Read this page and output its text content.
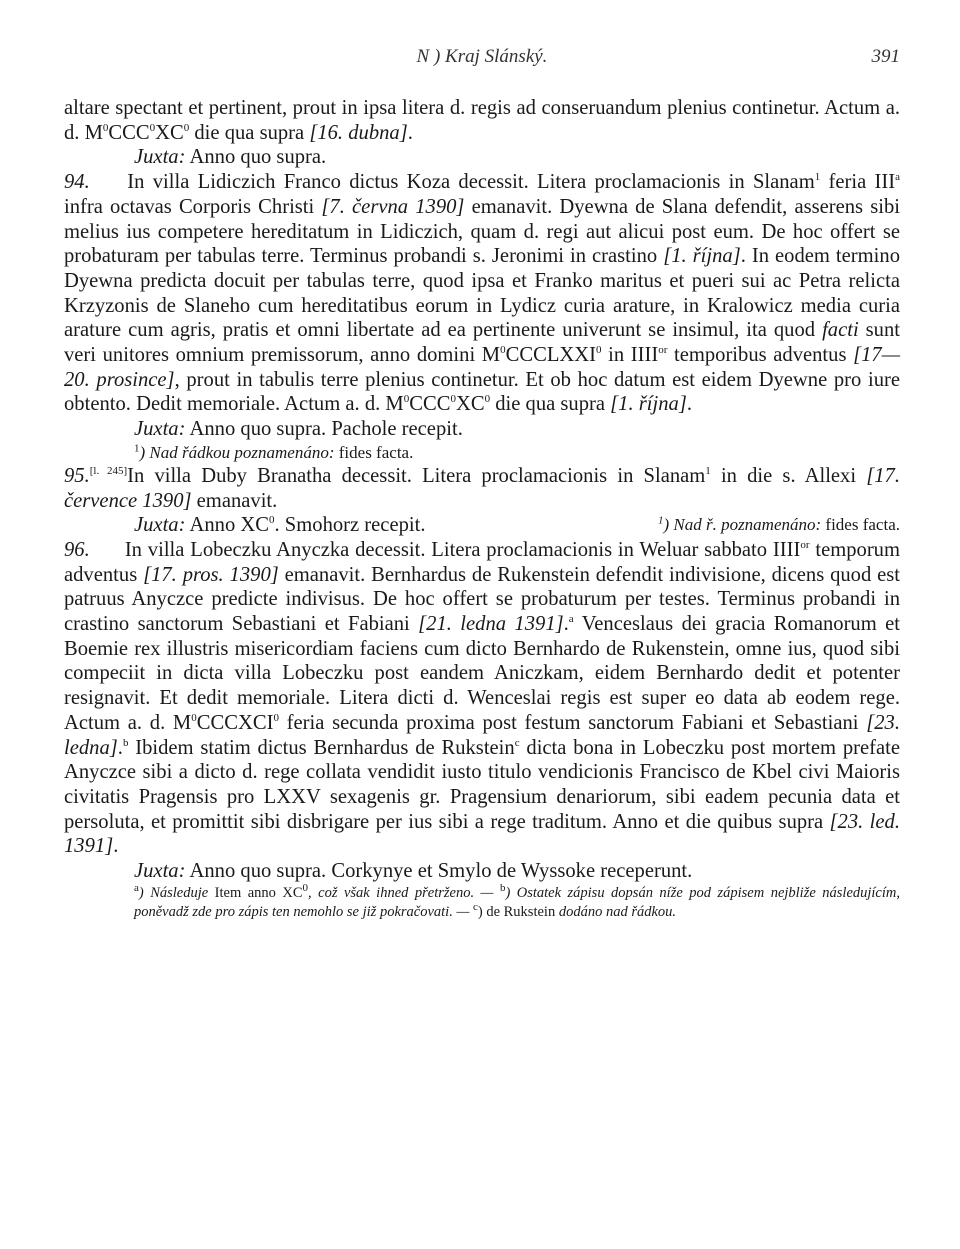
N ) Kraj Slánský.	391

altare spectant et pertinent, prout in ipsa litera d. regis ad conseruandum plenius continetur. Actum a. d. $M^0CCC^0XC^0$ die qua supra [16. dubna].

Juxta: Anno quo supra.

94. In villa Lidiczich Franco dictus Koza decessit. Litera proclamacionis in Slanam$^1$ feria III$^a$ infra octavas Corporis Christi [7. června 1390] emanavit. Dyewna de Slana defendit, asserens sibi melius ius competere hereditatum in Lidiczich, quam d. regi aut alicui post eum. De hoc offert se probaturam per tabulas terre. Terminus probandi s. Jeronimi in crastino [1. října]. In eodem termino Dyewna predicta docuit per tabulas terre, quod ipsa et Franko maritus et pueri sui ac Petra relicta Krzyzonis de Slaneho cum hereditatibus eorum in Lydicz curia arature, in Kralowicz media curia arature cum agris, pratis et omni libertate ad ea pertinente univerunt se insimul, ita quod facti sunt veri unitores omnium premissorum, anno domini $M^0CCCLXXI^0$ in $IIII^{or}$ temporibus adventus [17—20. prosince], prout in tabulis terre plenius continetur. Et ob hoc datum est eidem Dyewne pro iure obtento. Dedit memoriale. Actum a. d. $M^0CCC^0XC^0$ die qua supra [1. října].

Juxta: Anno quo supra. Pachole recepit.

$^1$) Nad řádkou poznamenáno: fides facta.

95.[l. 245]In villa Duby Branatha decessit. Litera proclamacionis in Slanam$^1$ in die s. Allexi [17. července 1390] emanavit.

Juxta: Anno $XC^0$. Smohorz recepit.	$^1$) Nad ř. poznamenáno: fides facta.

96. In villa Lobeczku Anyczka decessit. Litera proclamacionis in Weluar sabbato $IIII^{or}$ temporum adventus [17. pros. 1390] emanavit. Bernhardus de Rukenstein defendit indivisione, dicens quod est patruus Anyczce predicte indivisus. De hoc offert se probaturum per testes. Terminus probandi in crastino sanctorum Sebastiani et Fabiani [21. ledna 1391].$^a$ Venceslaus dei gracia Romanorum et Boemie rex illustris misericordiam faciens cum dicto Bernhardo de Rukenstein, omne ius, quod sibi compeciit in dicta villa Lobeczku post eandem Aniczkam, eidem Bernhardo dedit et potenter resignavit. Et dedit memoriale. Litera dicti d. Wenceslai regis est super eo data ab eodem rege. Actum a. d. $M^0CCCXCI^0$ feria secunda proxima post festum sanctorum Fabiani et Sebastiani [23. ledna].$^b$ Ibidem statim dictus Bernhardus de Rukstein$^c$ dicta bona in Lobeczku post mortem prefate Anyczce sibi a dicto d. rege collata vendidit iusto titulo vendicionis Francisco de Kbel civi Maioris civitatis Pragensis pro LXXV sexagenis gr. Pragensium denariorum, sibi eadem pecunia data et persoluta, et promittit sibi disbrigare per ius sibi a rege traditum. Anno et die quibus supra [23. led. 1391].

Juxta: Anno quo supra. Corkynye et Smylo de Wyssoke receperunt.

$^a$) Následuje Item anno $XC^0$, což však ihned přetrženo. — $^b$) Ostatek zápisu dopsán níže pod zápisem nejbliže následujícím, poněvadž zde pro zápis ten nemohlo se již pokračovati. — $^c$) de Rukstein dodáno nad řádkou.
